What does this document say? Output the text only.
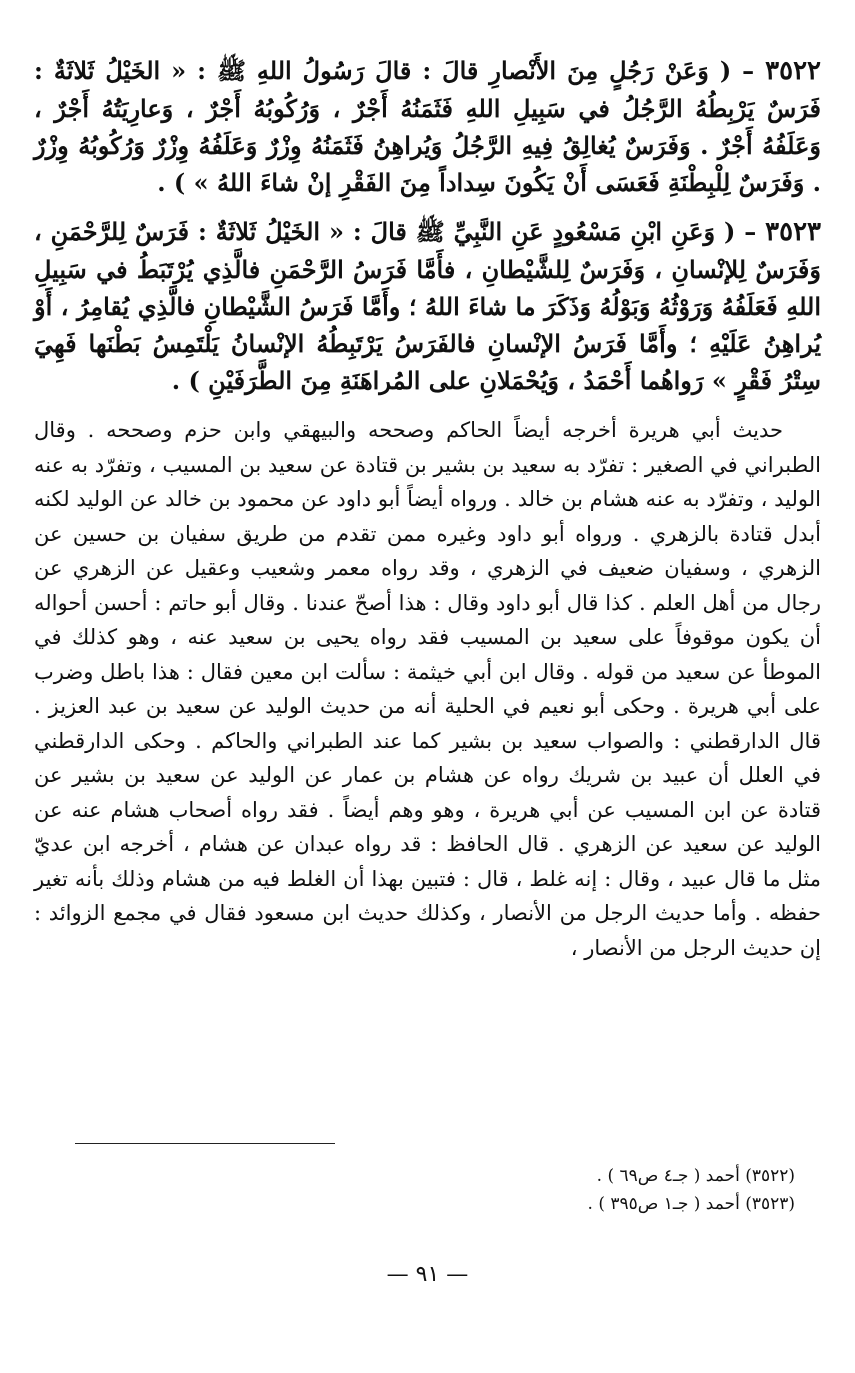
٣٥٢٢ – ( وَعَنْ رَجُلٍ مِنَ الأَنْصارِ قالَ : قالَ رَسُولُ اللهِ ﷺ : « الخَيْلُ ثَلاثَةٌ : فَرَسٌ يَرْبِطُهُ الرَّجُلُ في سَبِيلِ اللهِ فَثَمَنُهُ أَجْرٌ ، وَرُكُوبُهُ أَجْرٌ ، وَعارِيَتُهُ أَجْرٌ ، وَعَلَفُهُ أَجْرٌ . وَفَرَسٌ يُغالِقُ فِيهِ الرَّجُلُ وَيُراهِنُ فَثَمَنُهُ وِزْرٌ وَعَلَفُهُ وِزْرٌ وَرُكُوبُهُ وِزْرٌ . وَفَرَسٌ لِلْبِطْنَةِ فَعَسَى أَنْ يَكُونَ سِداداً مِنَ الفَقْرِ إنْ شاءَ اللهُ » ) .

٣٥٢٣ – ( وَعَنِ ابْنِ مَسْعُودٍ عَنِ النَّبِيِّ ﷺ قالَ : « الخَيْلُ ثَلاثَةٌ : فَرَسٌ لِلرَّحْمَنِ ، وَفَرَسٌ لِلإنْسانِ ، وَفَرَسٌ لِلشَّيْطانِ ، فأَمَّا فَرَسُ الرَّحْمَنِ فالَّذِي يُرْتَبَطُ في سَبِيلِ اللهِ فَعَلَفُهُ وَرَوْثُهُ وَبَوْلُهُ وَذَكَرَ ما شاءَ اللهُ ؛ وأَمَّا فَرَسُ الشَّيْطانِ فالَّذِي يُقامِرُ ، أَوْ يُراهِنُ عَلَيْهِ ؛ وأَمَّا فَرَسُ الإنْسانِ فالفَرَسُ يَرْتَبِطُهُ الإنْسانُ يَلْتَمِسُ بَطْنَها فَهِيَ سِتْرُ فَقْرٍ » رَواهُما أَحْمَدُ ، وَيُحْمَلانِ على المُراهَنَةِ مِنَ الطَّرَفَيْنِ ) .

حديث أبي هريرة أخرجه أيضاً الحاكم وصححه والبيهقي وابن حزم وصححه . وقال الطبراني في الصغير : تفرّد به سعيد بن بشير بن قتادة عن سعيد بن المسيب ، وتفرّد به عنه الوليد ، وتفرّد به عنه هشام بن خالد . ورواه أيضاً أبو داود عن محمود بن خالد عن الوليد لكنه أبدل قتادة بالزهري . ورواه أبو داود وغيره ممن تقدم من طريق سفيان بن حسين عن الزهري ، وسفيان ضعيف في الزهري ، وقد رواه معمر وشعيب وعقيل عن الزهري عن رجال من أهل العلم . كذا قال أبو داود وقال : هذا أصحّ عندنا . وقال أبو حاتم : أحسن أحواله أن يكون موقوفاً على سعيد بن المسيب فقد رواه يحيى بن سعيد عنه ، وهو كذلك في الموطأ عن سعيد من قوله . وقال ابن أبي خيثمة : سألت ابن معين فقال : هذا باطل وضرب على أبي هريرة . وحكى أبو نعيم في الحلية أنه من حديث الوليد عن سعيد بن عبد العزيز . قال الدارقطني : والصواب سعيد بن بشير كما عند الطبراني والحاكم . وحكى الدارقطني في العلل أن عبيد بن شريك رواه عن هشام بن عمار عن الوليد عن سعيد بن بشير عن قتادة عن ابن المسيب عن أبي هريرة ، وهو وهم أيضاً . فقد رواه أصحاب هشام عنه عن الوليد عن سعيد عن الزهري . قال الحافظ : قد رواه عبدان عن هشام ، أخرجه ابن عديّ مثل ما قال عبيد ، وقال : إنه غلط ، قال : فتبين بهذا أن الغلط فيه من هشام وذلك بأنه تغير حفظه . وأما حديث الرجل من الأنصار ، وكذلك حديث ابن مسعود فقال في مجمع الزوائد : إن حديث الرجل من الأنصار ،

(٣٥٢٢) أحمد ( جـ٤ ص٦٩ ) .
(٣٥٢٣) أحمد ( جـ١ ص٣٩٥ ) .
— ٩١ —
